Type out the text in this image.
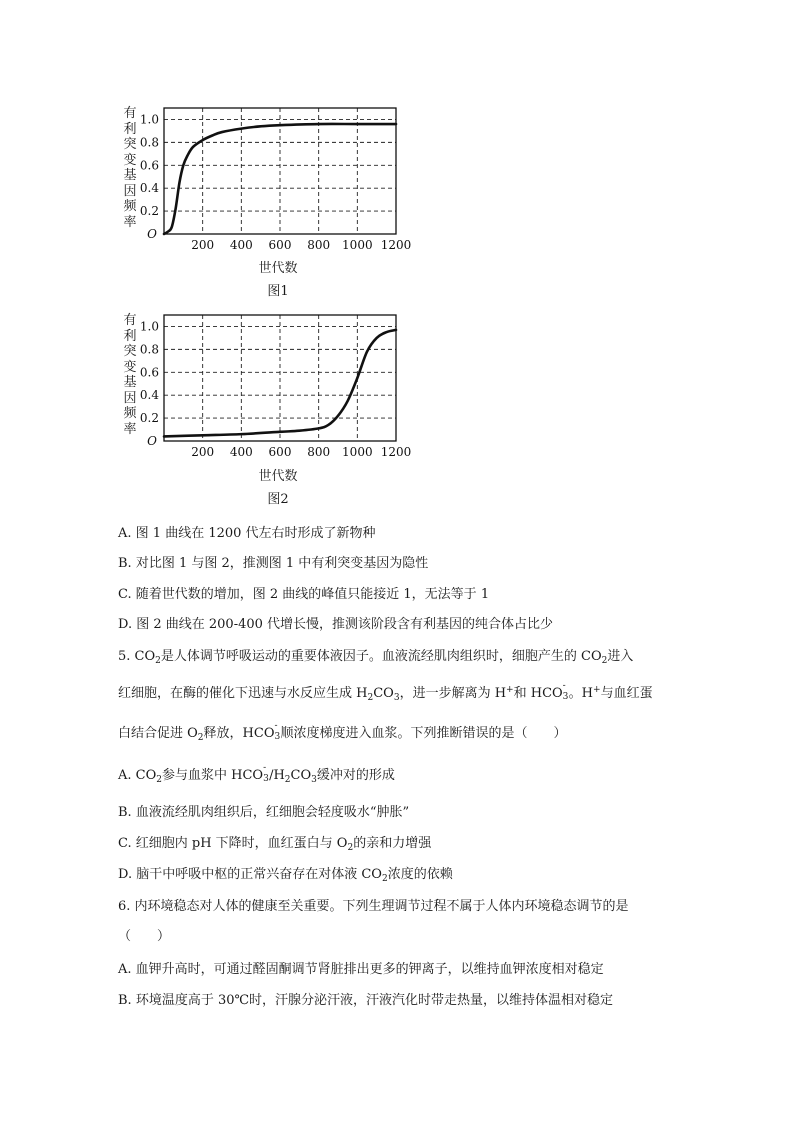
有利突变基因频率
0.2
0.4
0.6
0.8
1.0
200 400 600 800 1000 1200
O
世代数
图1
有利突变基因频率
0.2
0.4
0.6
0.8
1.0
200 400 600 800 1000 1200
O
世代数
图2
A. 图 1 曲线在 1200 代左右时形成了新物种
B. 对比图 1 与图 2，推测图 1 中有利突变基因为隐性
C. 随着世代数的增加，图 2 曲线的峰值只能接近 1，无法等于 1
D. 图 2 曲线在 200-400 代增长慢，推测该阶段含有利基因的纯合体占比少
5. $CO_2$是人体调节呼吸运动的重要体液因子。血液流经肌肉组织时，细胞产生的 $CO_2$进入
红细胞，在酶的催化下迅速与水反应生成 $H_2CO_3$，进一步解离为 H+和 HCO -
3 。H+与血红蛋
白结合促进 $O_2$释放，HCO -
3 顺浓度梯度进入血浆。下列推断错误的是（　　）
A. $CO_2$参与血浆中 HCO -
3 $/H_2CO_3$缓冲对的形成
B. 血液流经肌肉组织后，红细胞会轻度吸水“肿胀”
C. 红细胞内 pH 下降时，血红蛋白与 $O_2$的亲和力增强
D. 脑干中呼吸中枢的正常兴奋存在对体液 $CO_2$浓度的依赖
6. 内环境稳态对人体的健康至关重要。下列生理调节过程不属于人体内环境稳态调节的是
（　　）
A. 血钾升高时，可通过醛固酮调节肾脏排出更多的钾离子，以维持血钾浓度相对稳定
B. 环境温度高于 30℃时，汗腺分泌汗液，汗液汽化时带走热量，以维持体温相对稳定
